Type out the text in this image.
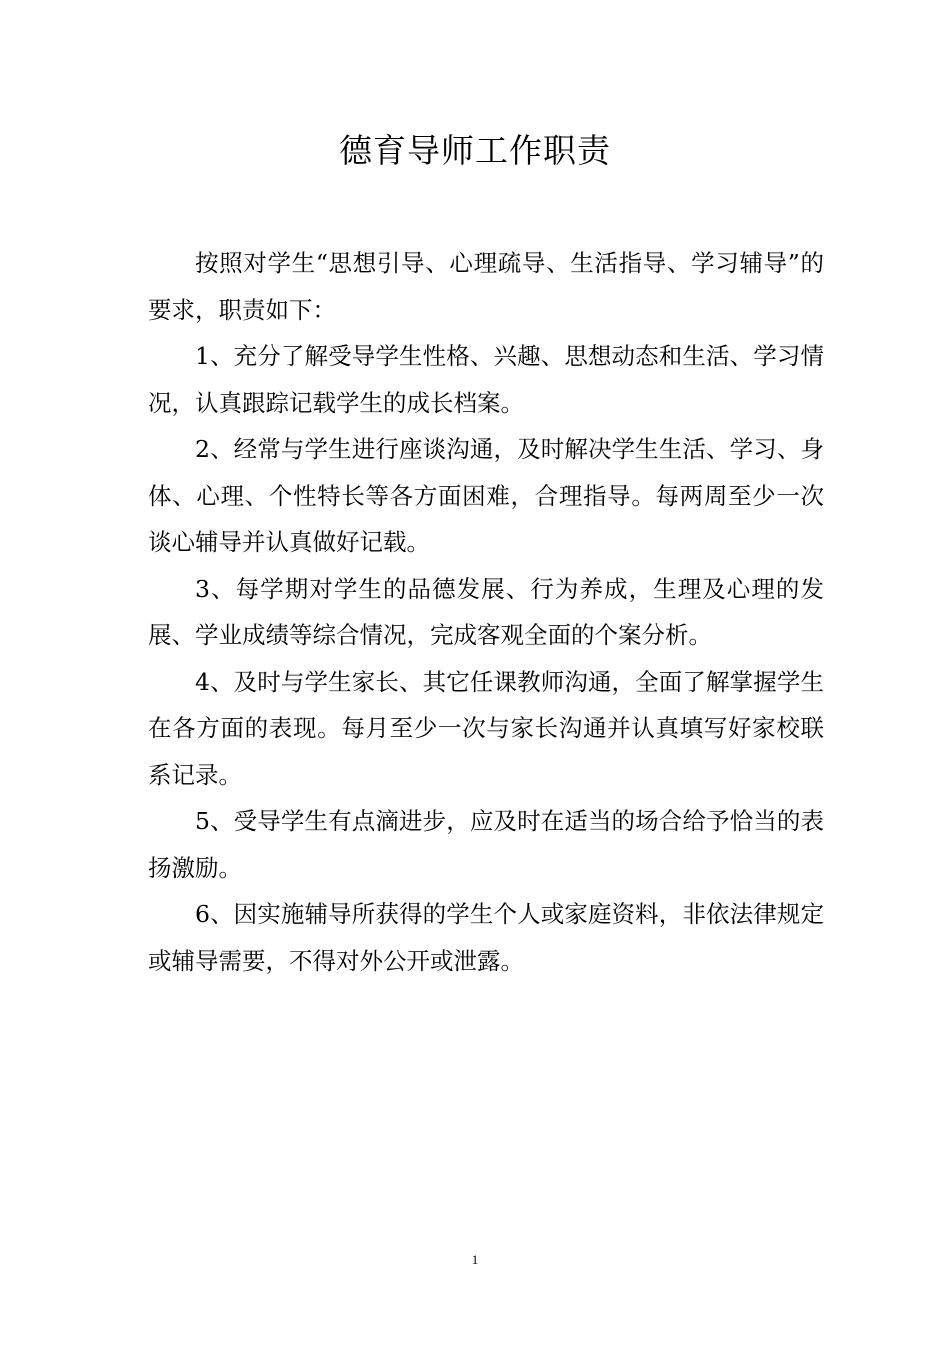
德育导师工作职责

按照对学生“思想引导、心理疏导、生活指导、学习辅导”的要求，职责如下：

1、充分了解受导学生性格、兴趣、思想动态和生活、学习情况，认真跟踪记载学生的成长档案。

2、经常与学生进行座谈沟通，及时解决学生生活、学习、身体、心理、个性特长等各方面困难，合理指导。每两周至少一次谈心辅导并认真做好记载。

3、每学期对学生的品德发展、行为养成，生理及心理的发展、学业成绩等综合情况，完成客观全面的个案分析。

4、及时与学生家长、其它任课教师沟通，全面了解掌握学生在各方面的表现。每月至少一次与家长沟通并认真填写好家校联系记录。

5、受导学生有点滴进步，应及时在适当的场合给予恰当的表扬激励。

6、因实施辅导所获得的学生个人或家庭资料，非依法律规定或辅导需要，不得对外公开或泄露。

1
